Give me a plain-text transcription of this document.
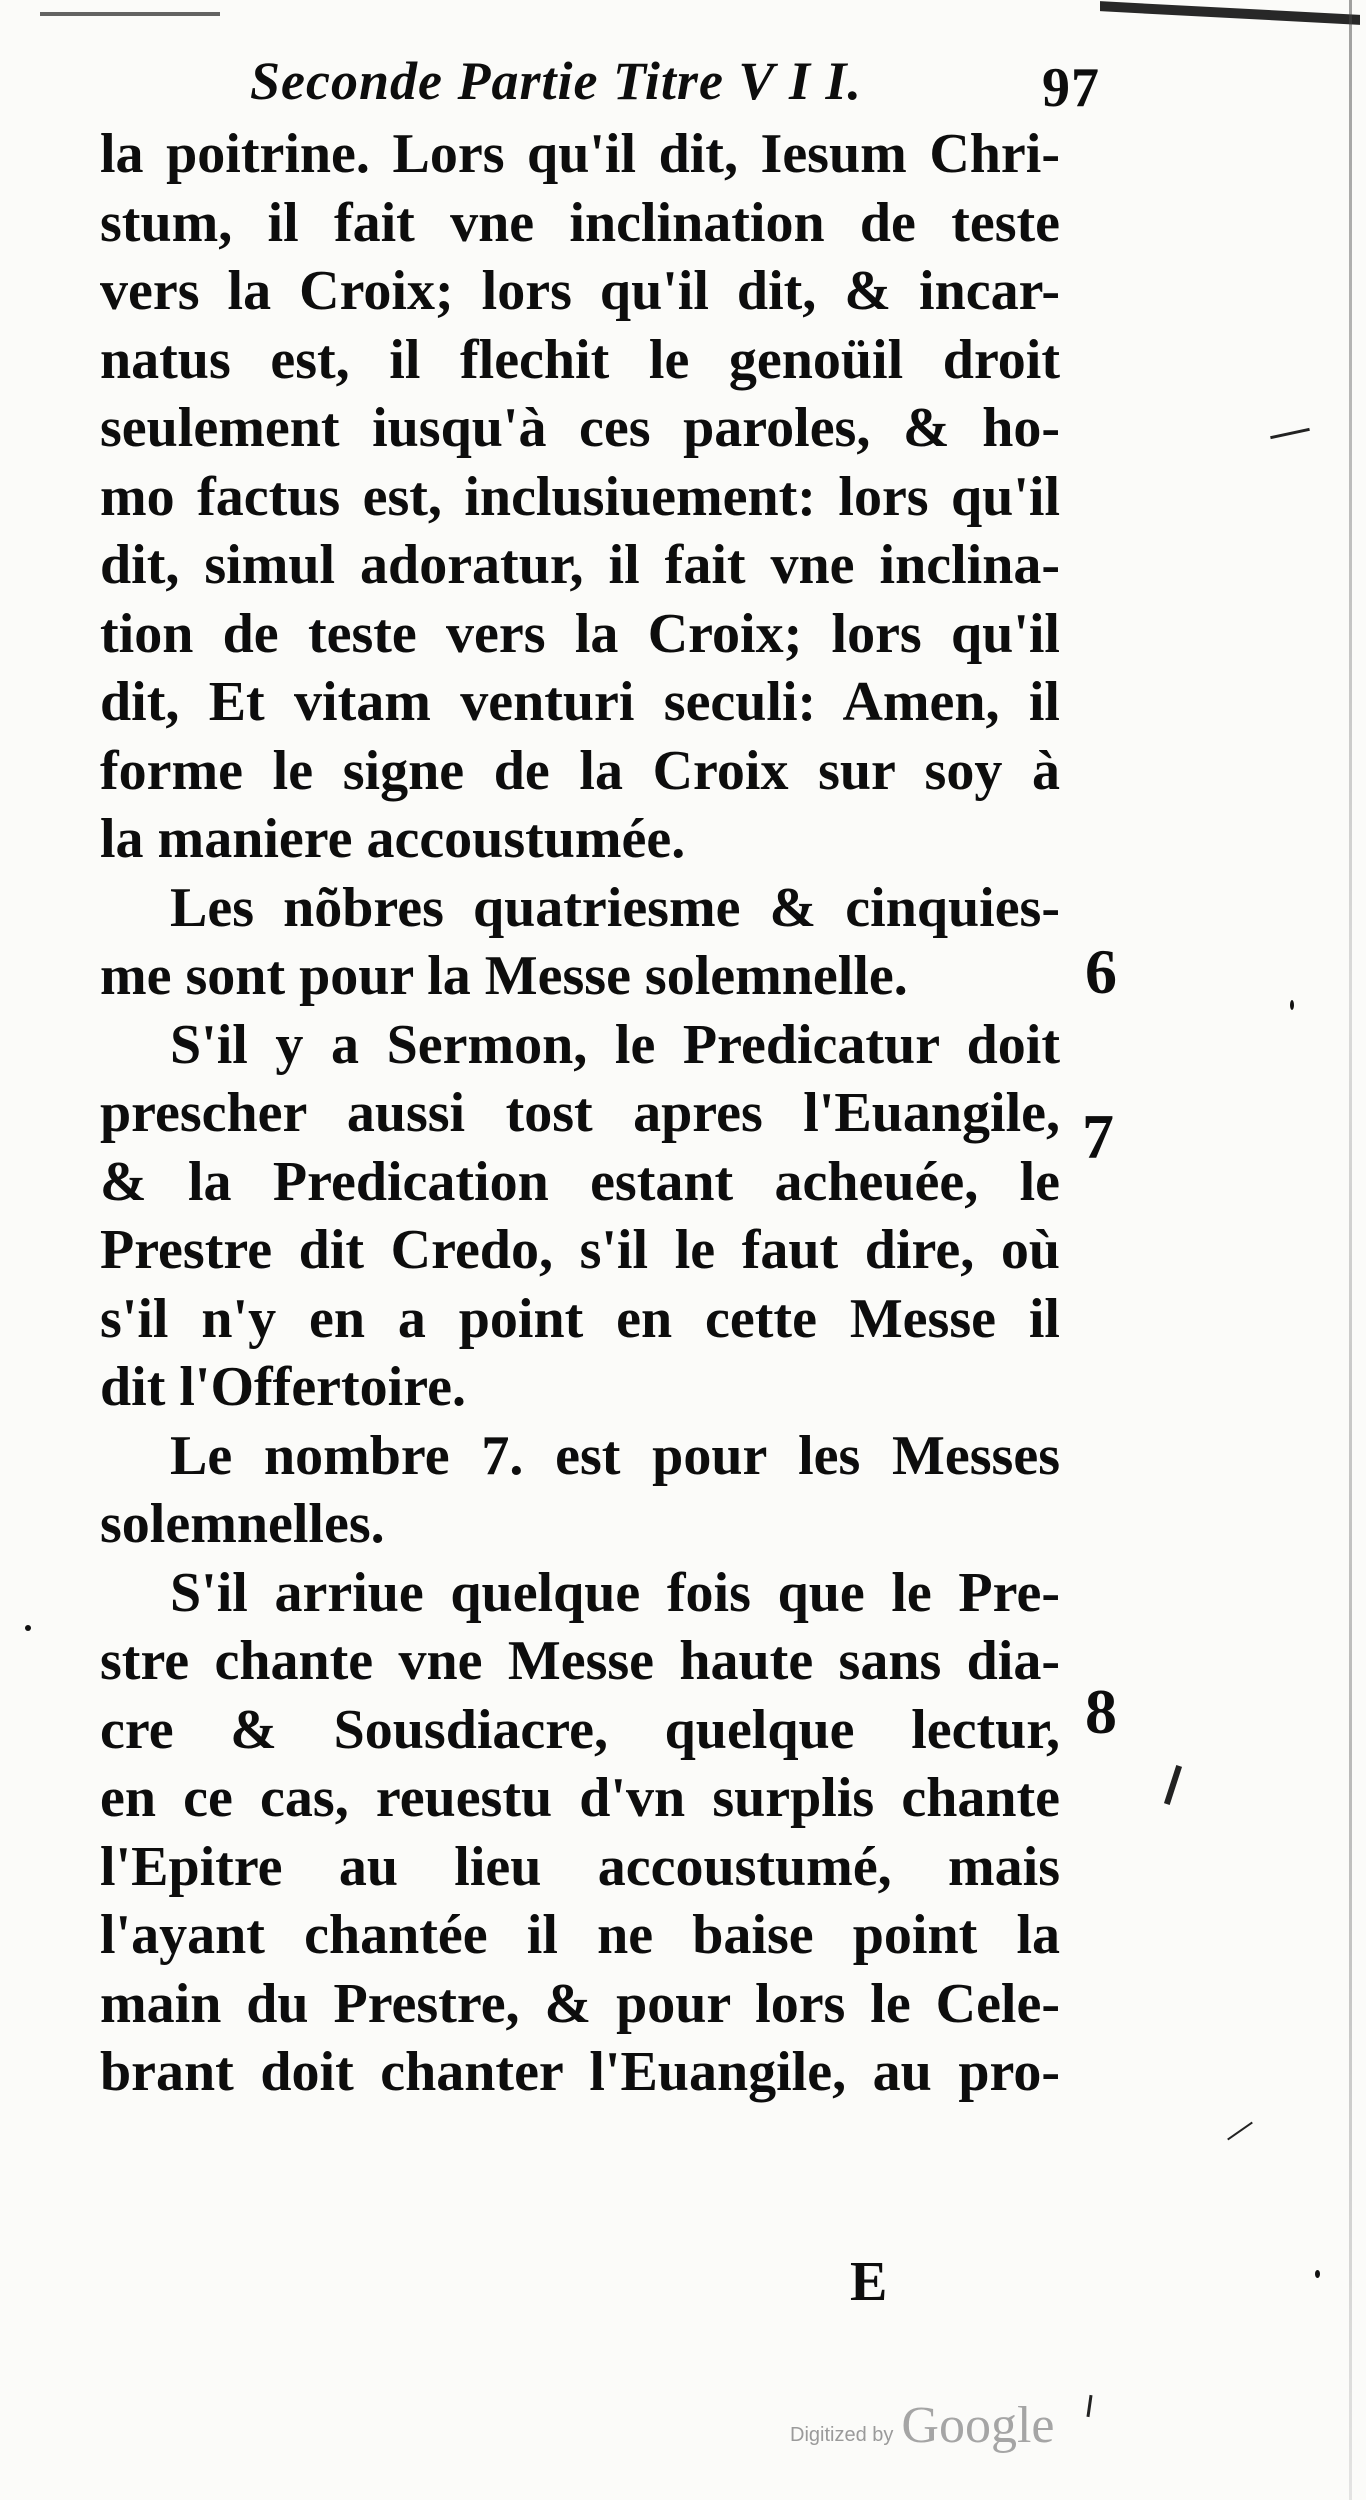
Seconde Partie Titre V I I.	97
la poitrine. Lors qu'il dit, Iesum Chri-
stum, il fait vne inclination de teste
vers la Croix; lors qu'il dit, & incar-
natus est, il flechit le genoüil droit
seulement iusqu'à ces paroles, & ho-
mo factus est, inclusiuement: lors qu'il
dit, simul adoratur, il fait vne inclina-
tion de teste vers la Croix; lors qu'il
dit, Et vitam venturi seculi: Amen, il
forme le signe de la Croix sur soy à
la maniere accoustumée.
Les nõbres quatriesme & cinquies-
me sont pour la Messe solemnelle.
S'il y a Sermon, le Predicatur doit
prescher aussi tost apres l'Euangile,
& la Predication estant acheuée, le
Prestre dit Credo, s'il le faut dire, où
s'il n'y en a point en cette Messe il
dit l'Offertoire.
Le nombre 7. est pour les Messes
solemnelles.
S'il arriue quelque fois que le Pre-
stre chante vne Messe haute sans dia-
cre & Sousdiacre, quelque lectur,
en ce cas, reuestu d'vn surplis chante
l'Epitre au lieu accoustumé, mais
l'ayant chantée il ne baise point la
main du Prestre, & pour lors le Cele-
brant doit chanter l'Euangile, au pro-
6
7
8
E
Digitized by Google
